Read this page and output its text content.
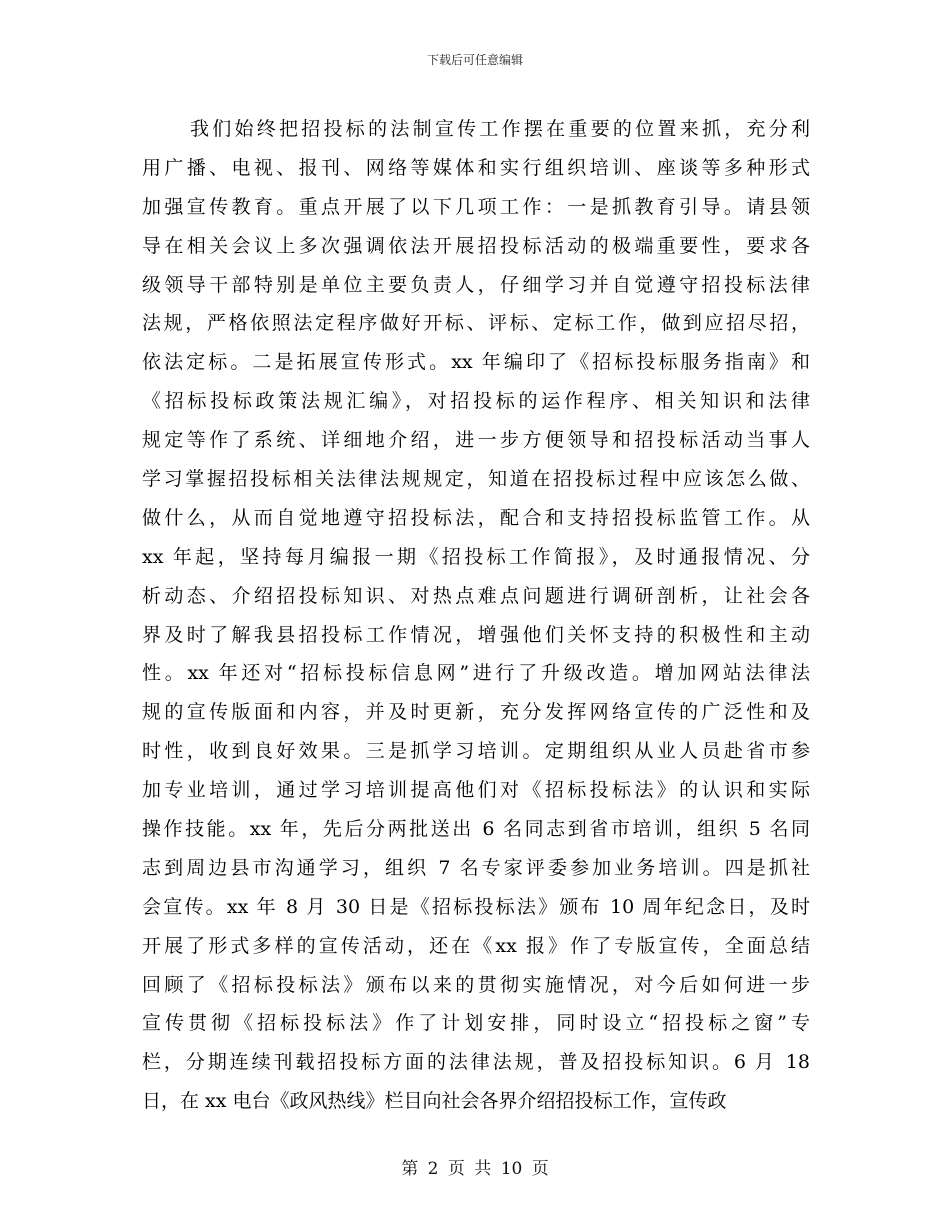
下载后可任意编辑
我们始终把招投标的法制宣传工作摆在重要的位置来抓，充分利
用广播、电视、报刊、网络等媒体和实行组织培训、座谈等多种形式
加强宣传教育。重点开展了以下几项工作：一是抓教育引导。请县领
导在相关会议上多次强调依法开展招投标活动的极端重要性，要求各
级领导干部特别是单位主要负责人，仔细学习并自觉遵守招投标法律
法规，严格依照法定程序做好开标、评标、定标工作，做到应招尽招，
依法定标。二是拓展宣传形式。xx 年编印了《招标投标服务指南》和
《招标投标政策法规汇编》，对招投标的运作程序、相关知识和法律
规定等作了系统、详细地介绍，进一步方便领导和招投标活动当事人
学习掌握招投标相关法律法规规定，知道在招投标过程中应该怎么做、
做什么，从而自觉地遵守招投标法，配合和支持招投标监管工作。从
xx 年起，坚持每月编报一期《招投标工作简报》，及时通报情况、分
析动态、介绍招投标知识、对热点难点问题进行调研剖析，让社会各
界及时了解我县招投标工作情况，增强他们关怀支持的积极性和主动
性。xx 年还对“招标投标信息网”进行了升级改造。增加网站法律法
规的宣传版面和内容，并及时更新，充分发挥网络宣传的广泛性和及
时性，收到良好效果。三是抓学习培训。定期组织从业人员赴省市参
加专业培训，通过学习培训提高他们对《招标投标法》的认识和实际
操作技能。xx 年，先后分两批送出 6 名同志到省市培训，组织 5 名同
志到周边县市沟通学习，组织 7 名专家评委参加业务培训。四是抓社
会宣传。xx 年 8 月 30 日是《招标投标法》颁布 10 周年纪念日，及时
开展了形式多样的宣传活动，还在《xx 报》作了专版宣传，全面总结
回顾了《招标投标法》颁布以来的贯彻实施情况，对今后如何进一步
宣传贯彻《招标投标法》作了计划安排，同时设立“招投标之窗”专
栏，分期连续刊载招投标方面的法律法规，普及招投标知识。6 月 18
日，在 xx 电台《政风热线》栏目向社会各界介绍招投标工作，宣传政
第 2 页 共 10 页
